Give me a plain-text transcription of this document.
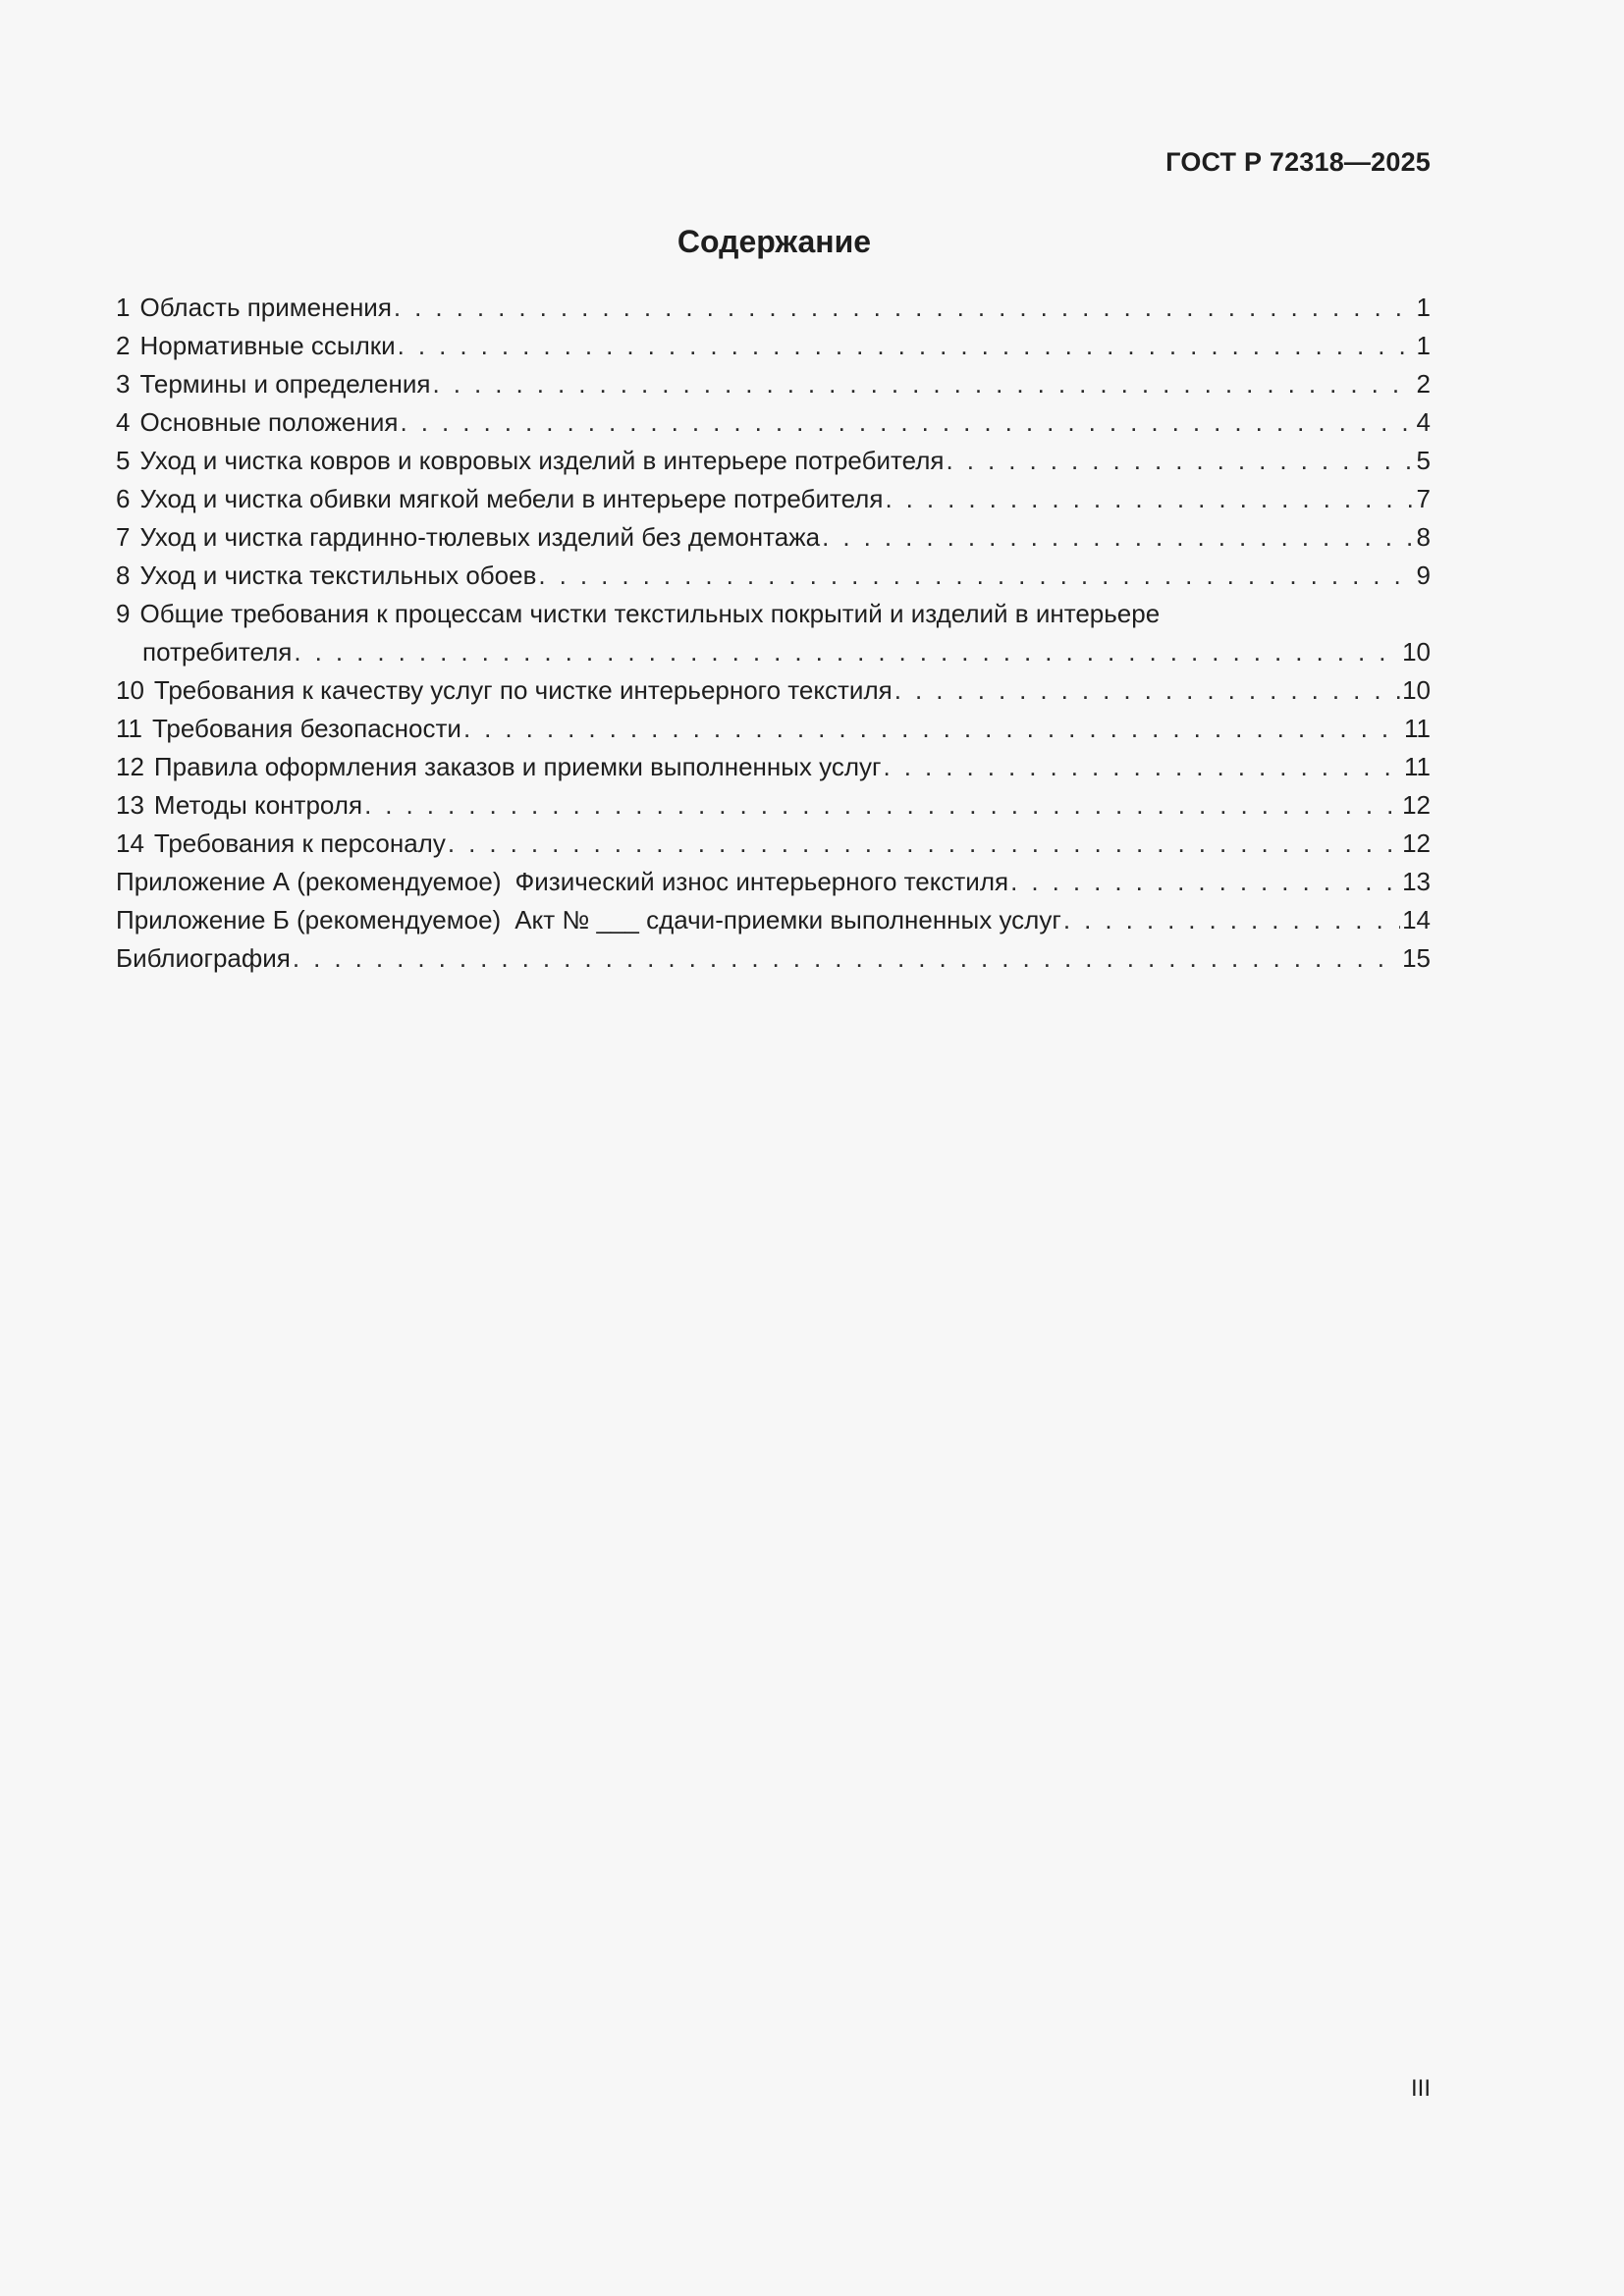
ГОСТ Р 72318—2025
Содержание
1 Область применения . . .	1
2 Нормативные ссылки . . .	1
3 Термины и определения . . .	2
4 Основные положения . . .	4
5 Уход и чистка ковров и ковровых изделий в интерьере потребителя . . .	5
6 Уход и чистка обивки мягкой мебели в интерьере потребителя . . .	7
7 Уход и чистка гардинно-тюлевых изделий без демонтажа . . .	8
8 Уход и чистка текстильных обоев . . .	9
9 Общие требования к процессам чистки текстильных покрытий и изделий в интерьере
потребителя . . .	10
10 Требования к качеству услуг по чистке интерьерного текстиля . . .	10
11 Требования безопасности . . .	11
12 Правила оформления заказов и приемки выполненных услуг . . .	11
13 Методы контроля . . .	12
14 Требования к персоналу . . .	12
Приложение А (рекомендуемое) Физический износ интерьерного текстиля . . .	13
Приложение Б (рекомендуемое) Акт № ___ сдачи-приемки выполненных услуг . . .	14
Библиография . . .	15
III
